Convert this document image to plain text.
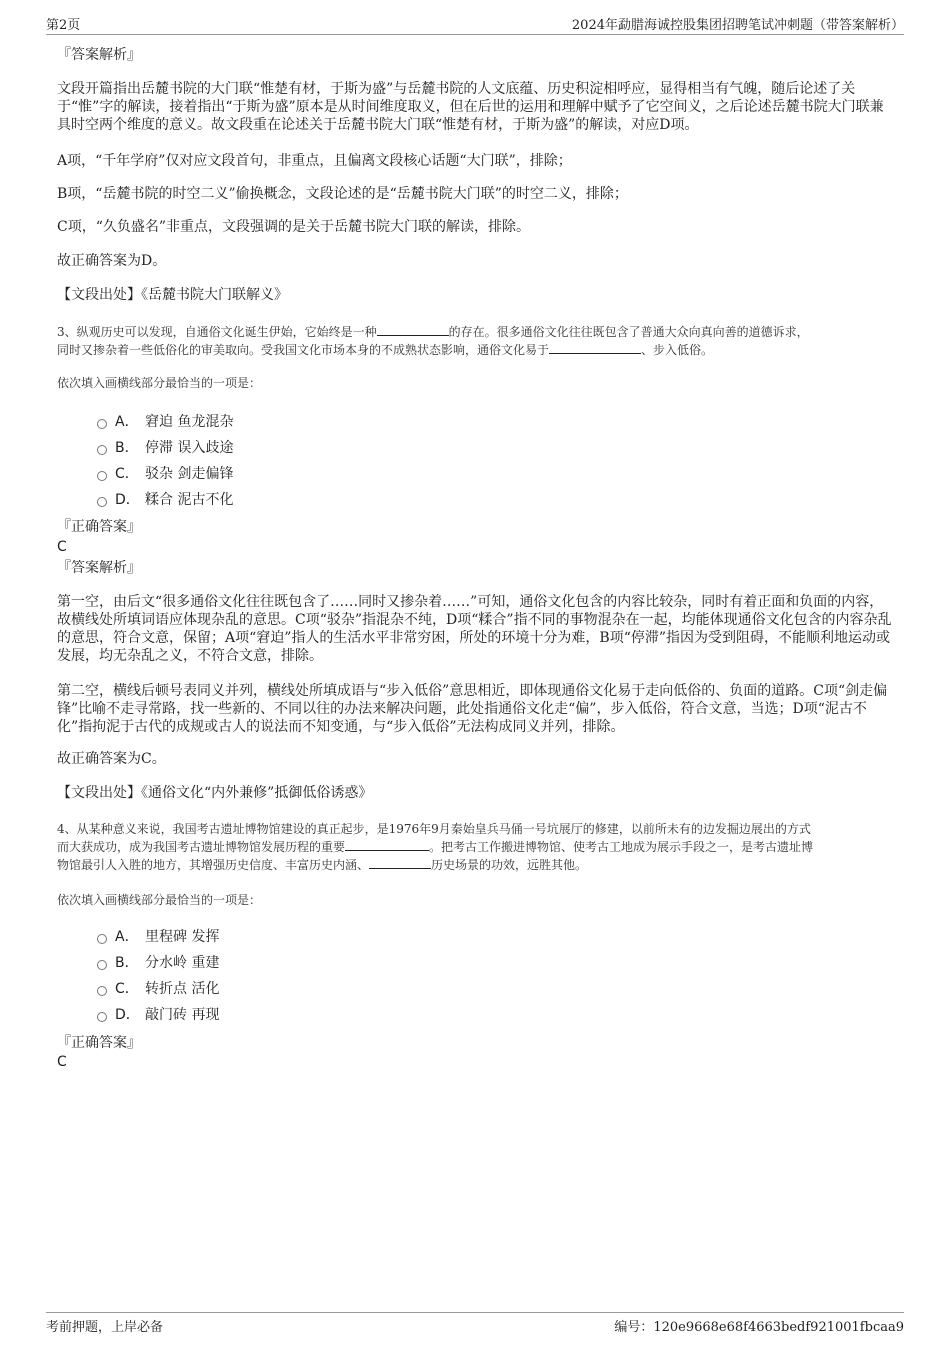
第2页	2024年勐腊海诚控股集团招聘笔试冲刺题（带答案解析）
『答案解析』

文段开篇指出岳麓书院的大门联“惟楚有材，于斯为盛”与岳麓书院的人文底蕴、历史积淀相呼应，显得相当有气魄，随后论述了关于“惟”字的解读，接着指出“于斯为盛”原本是从时间维度取义，但在后世的运用和理解中赋予了它空间义，之后论述岳麓书院大门联兼具时空两个维度的意义。故文段重在论述关于岳麓书院大门联“惟楚有材，于斯为盛”的解读，对应D项。

A项，“千年学府”仅对应文段首句，非重点，且偏离文段核心话题“大门联”，排除；
B项，“岳麓书院的时空二义”偷换概念，文段论述的是“岳麓书院大门联”的时空二义，排除；
C项，“久负盛名”非重点，文段强调的是关于岳麓书院大门联的解读，排除。
故正确答案为D。
【文段出处】《岳麓书院大门联解义》
3、纵观历史可以发现，自通俗文化诞生伊始，它始终是一种	的存在。很多通俗文化往往既包含了普通大众向真向善的道德诉求，
同时又掺杂着一些低俗化的审美取向。受我国文化市场本身的不成熟状态影响，通俗文化易于	、步入低俗。
依次填入画横线部分最恰当的一项是：
A． 窘迫 鱼龙混杂
B． 停滞 误入歧途
C． 驳杂 剑走偏锋
D． 糅合 泥古不化
『正确答案』
C
『答案解析』

第一空，由后文“很多通俗文化往往既包含了……同时又掺杂着……”可知，通俗文化包含的内容比较杂，同时有着正面和负面的内容，故横线处所填词语应体现杂乱的意思。C项“驳杂”指混杂不纯，D项“糅合”指不同的事物混杂在一起，均能体现通俗文化包含的内容杂乱的意思，符合文意，保留；A项“窘迫”指人的生活水平非常穷困，所处的环境十分为难，B项“停滞”指因为受到阻碍，不能顺利地运动或发展，均无杂乱之义，不符合文意，排除。

第二空，横线后顿号表同义并列，横线处所填成语与“步入低俗”意思相近，即体现通俗文化易于走向低俗的、负面的道路。C项“剑走偏锋”比喻不走寻常路，找一些新的、不同以往的办法来解决问题，此处指通俗文化走“偏”，步入低俗，符合文意，当选；D项“泥古不化”指拘泥于古代的成规或古人的说法而不知变通，与“步入低俗”无法构成同义并列，排除。

故正确答案为C。
【文段出处】《通俗文化“内外兼修”抵御低俗诱惑》
4、从某种意义来说，我国考古遗址博物馆建设的真正起步，是1976年9月秦始皇兵马俑一号坑展厅的修建，以前所未有的边发掘边展出的方式
而大获成功，成为我国考古遗址博物馆发展历程的重要	。把考古工作搬进博物馆、使考古工地成为展示手段之一，是考古遗址博
物馆最引人入胜的地方，其增强历史信度、丰富历史内涵、	历史场景的功效，远胜其他。
依次填入画横线部分最恰当的一项是：
A． 里程碑 发挥
B． 分水岭 重建
C． 转折点 活化
D． 敲门砖 再现
『正确答案』
C
考前押题，上岸必备	编号：120e9668e68f4663bedf921001fbcaa9
